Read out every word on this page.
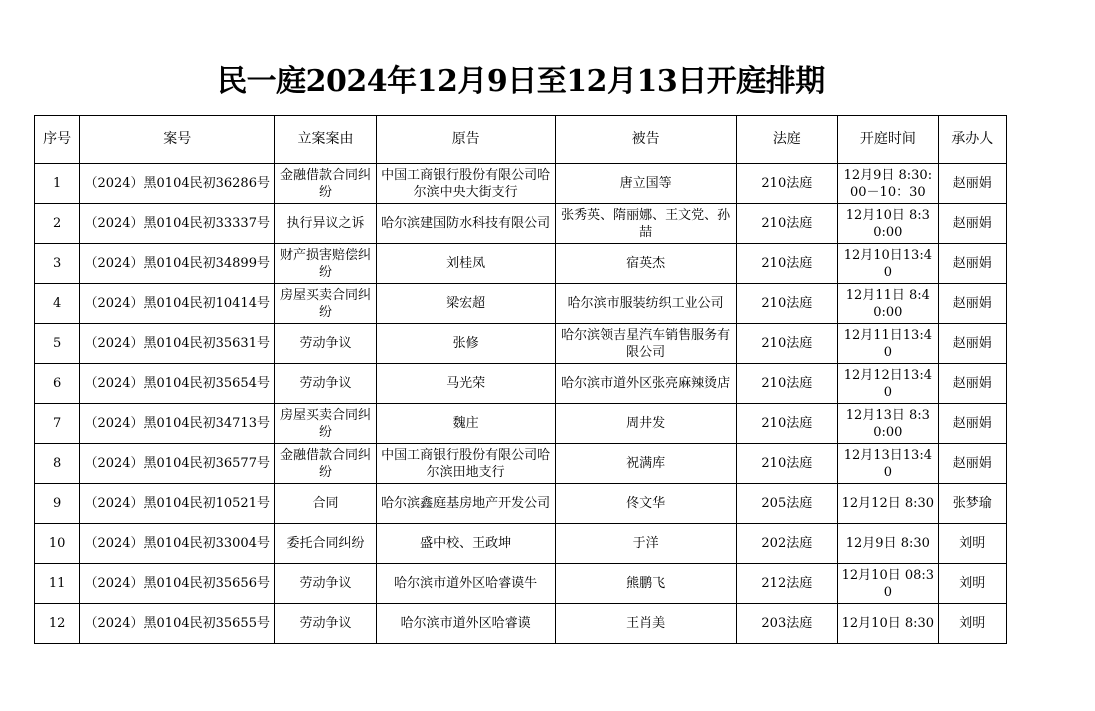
民一庭2024年12月9日至12月13日开庭排期
序号	案号	立案案由	原告	被告	法庭	开庭时间	承办人
1	（2024）黑0104民初36286号	金融借款合同纠纷	中国工商银行股份有限公司哈尔滨中央大街支行	唐立国等	210法庭	12月9日 8:30:00－10：30	赵丽娟
2	（2024）黑0104民初33337号	执行异议之诉	哈尔滨建国防水科技有限公司	张秀英、隋丽娜、王文党、孙喆	210法庭	12月10日 8:30:00	赵丽娟
3	（2024）黑0104民初34899号	财产损害赔偿纠纷	刘桂凤	宿英杰	210法庭	12月10日13:40	赵丽娟
4	（2024）黑0104民初10414号	房屋买卖合同纠纷	梁宏超	哈尔滨市服装纺织工业公司	210法庭	12月11日 8:40:00	赵丽娟
5	（2024）黑0104民初35631号	劳动争议	张修	哈尔滨领吉星汽车销售服务有限公司	210法庭	12月11日13:40	赵丽娟
6	（2024）黑0104民初35654号	劳动争议	马光荣	哈尔滨市道外区张亮麻辣烫店	210法庭	12月12日13:40	赵丽娟
7	（2024）黑0104民初34713号	房屋买卖合同纠纷	魏庄	周井发	210法庭	12月13日 8:30:00	赵丽娟
8	（2024）黑0104民初36577号	金融借款合同纠纷	中国工商银行股份有限公司哈尔滨田地支行	祝满库	210法庭	12月13日13:40	赵丽娟
9	（2024）黑0104民初10521号	合同	哈尔滨鑫庭基房地产开发公司	佟文华	205法庭	12月12日 8:30	张梦瑜
10	（2024）黑0104民初33004号	委托合同纠纷	盛中校、王政坤	于洋	202法庭	12月9日 8:30	刘明
11	（2024）黑0104民初35656号	劳动争议	哈尔滨市道外区哈睿谟牛	熊鹏飞	212法庭	12月10日 08:30	刘明
12	（2024）黑0104民初35655号	劳动争议	哈尔滨市道外区哈睿谟	王肖美	203法庭	12月10日 8:30	刘明
